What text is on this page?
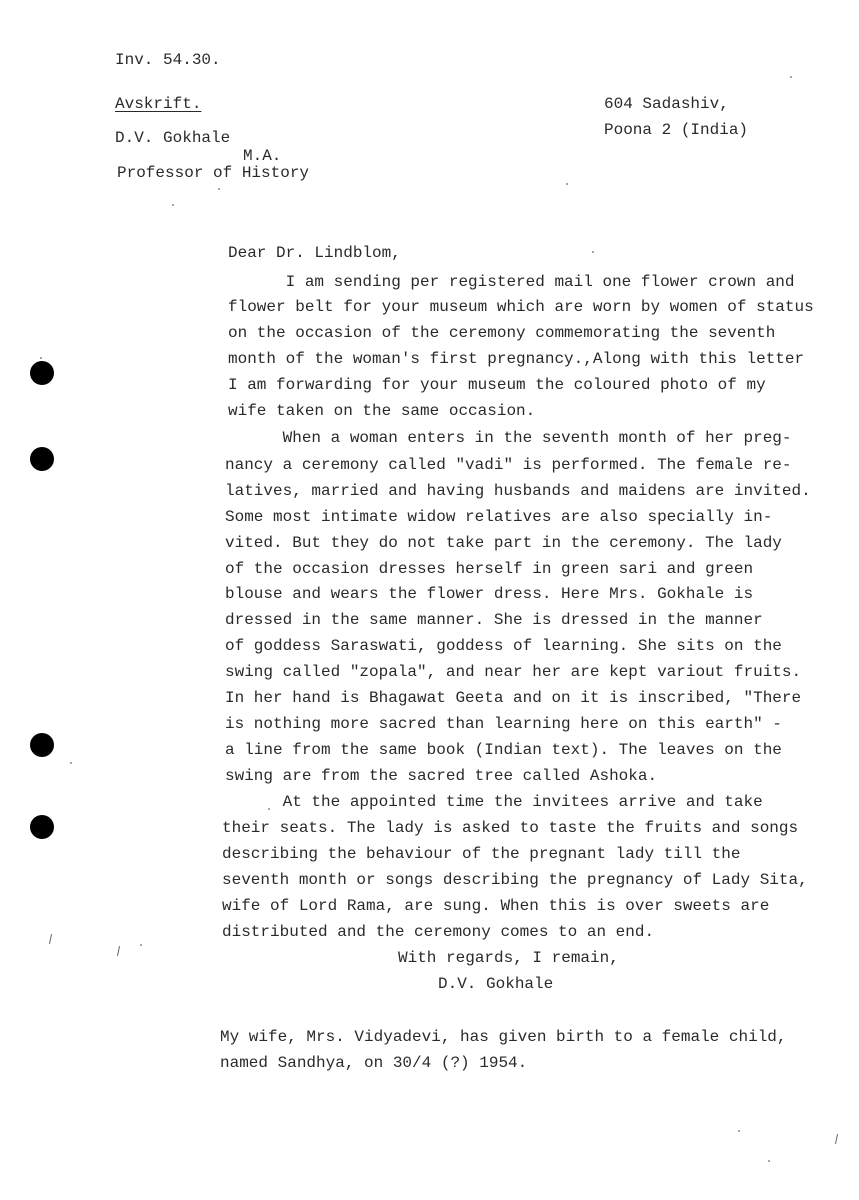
Inv. 54.30.
Avskrift.
D.V. Gokhale
M.A.
Professor of History
604 Sadashiv,
Poona 2 (India)
Dear Dr. Lindblom,
I am sending per registered mail one flower crown and
flower belt for your museum which are worn by women of status
on the occasion of the ceremony commemorating the seventh
month of the woman's first pregnancy.,Along with this letter
I am forwarding for your museum the coloured photo of my
wife taken on the same occasion.
When a woman enters in the seventh month of her preg-
nancy a ceremony called "vadi" is performed. The female re-
latives, married and having husbands and maidens are invited.
Some most intimate widow relatives are also specially in-
vited. But they do not take part in the ceremony. The lady
of the occasion dresses herself in green sari and green
blouse and wears the flower dress. Here Mrs. Gokhale is
dressed in the same manner. She is dressed in the manner
of goddess Saraswati, goddess of learning. She sits on the
swing called "zopala", and near her are kept variout fruits.
In her hand is Bhagawat Geeta and on it is inscribed, "There
is nothing more sacred than learning here on this earth" -
a line from the same book (Indian text). The leaves on the
swing are from the sacred tree called Ashoka.
At the appointed time the invitees arrive and take
their seats. The lady is asked to taste the fruits and songs
describing the behaviour of the pregnant lady till the
seventh month or songs describing the pregnancy of Lady Sita,
wife of Lord Rama, are sung. When this is over sweets are
distributed and the ceremony comes to an end.
With regards, I remain,
D.V. Gokhale
My wife, Mrs. Vidyadevi, has given birth to a female child,
named Sandhya, on 30/4 (?) 1954.
